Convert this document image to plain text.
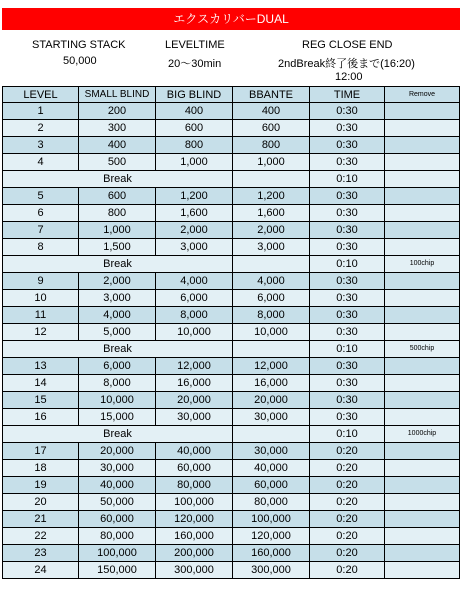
エクスカリバーDUAL
STARTING STACK
50,000
LEVELTIME
20〜30min
REG CLOSE END
2ndBreak終了後まで(16:20)
12:00
LEVEL	SMALL BLIND	BIG BLIND	BBANTE	TIME	Remove
1	200	400	400	0:30
2	300	600	600	0:30
3	400	800	800	0:30
4	500	1,000	1,000	0:30
Break	0:10
5	600	1,200	1,200	0:30
6	800	1,600	1,600	0:30
7	1,000	2,000	2,000	0:30
8	1,500	3,000	3,000	0:30
Break	0:10	100chip
9	2,000	4,000	4,000	0:30
10	3,000	6,000	6,000	0:30
11	4,000	8,000	8,000	0:30
12	5,000	10,000	10,000	0:30
Break	0:10	500chip
13	6,000	12,000	12,000	0:30
14	8,000	16,000	16,000	0:30
15	10,000	20,000	20,000	0:30
16	15,000	30,000	30,000	0:30
Break	0:10	1000chip
17	20,000	40,000	30,000	0:20
18	30,000	60,000	40,000	0:20
19	40,000	80,000	60,000	0:20
20	50,000	100,000	80,000	0:20
21	60,000	120,000	100,000	0:20
22	80,000	160,000	120,000	0:20
23	100,000	200,000	160,000	0:20
24	150,000	300,000	300,000	0:20
